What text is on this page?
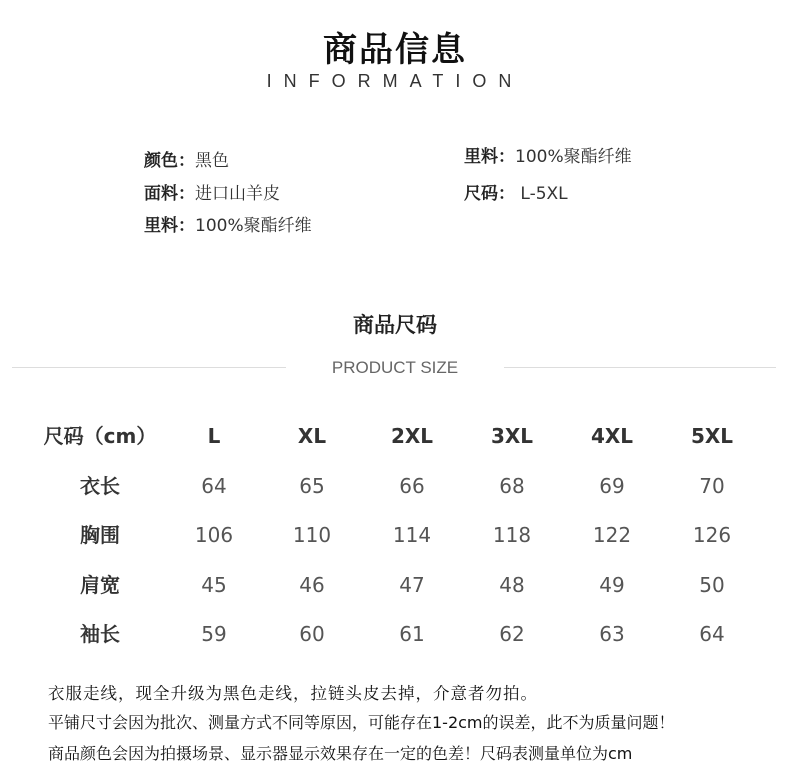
商品信息
INFORMATION
颜色：黑色
面料：进口山羊皮
里料：100%聚酯纤维
里料：100%聚酯纤维
尺码： L-5XL
商品尺码
PRODUCT SIZE
尺码（cm）	L	XL	2XL	3XL	4XL	5XL
衣长	64	65	66	68	69	70
胸围	106	110	114	118	122	126
肩宽	45	46	47	48	49	50
袖长	59	60	61	62	63	64
衣服走线，现全升级为黑色走线，拉链头皮去掉，介意者勿拍。
平铺尺寸会因为批次、测量方式不同等原因，可能存在1-2cm的误差，此不为质量问题！
商品颜色会因为拍摄场景、显示器显示效果存在一定的色差！尺码表测量单位为cm
